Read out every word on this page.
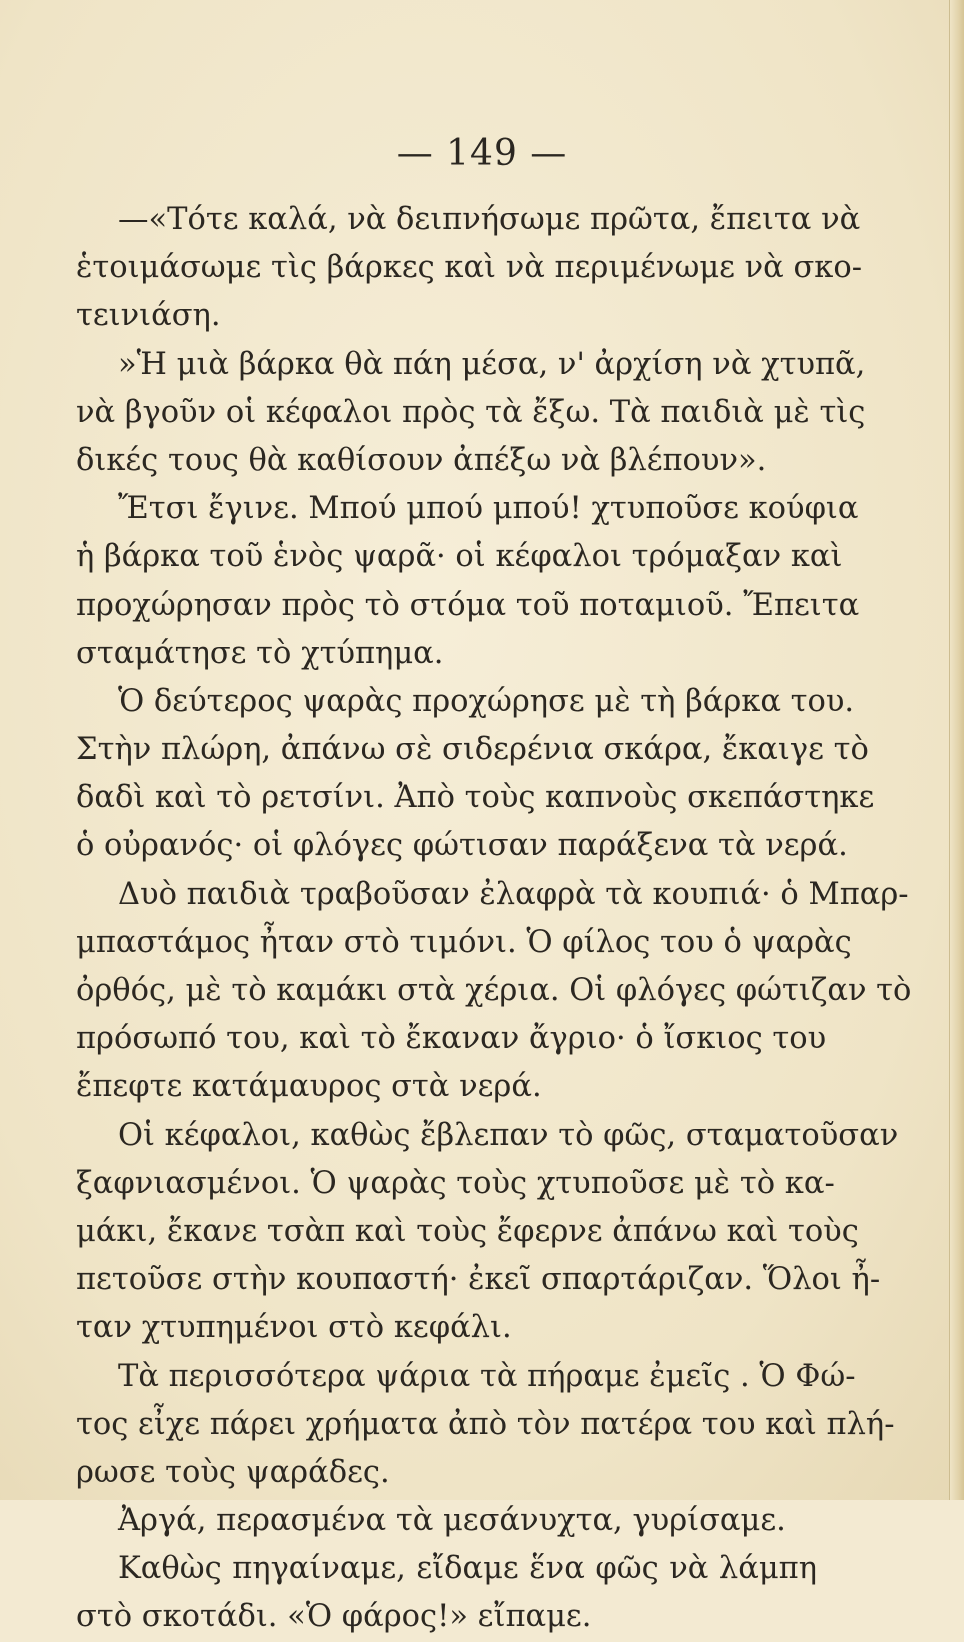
— 149 —
—«Τότε καλά, νὰ δειπνήσωμε πρῶτα, ἔπειτα νὰ
ἑτοιμάσωμε τὶς βάρκες καὶ νὰ περιμένωμε νὰ σκο-
τεινιάση.
»Ἡ μιὰ βάρκα θὰ πάη μέσα, ν' ἀρχίση νὰ χτυπᾶ,
νὰ βγοῦν οἱ κέφαλοι πρὸς τὰ ἔξω. Τὰ παιδιὰ μὲ τὶς
δικές τους θὰ καθίσουν ἀπέξω νὰ βλέπουν».
Ἔτσι ἔγινε. Μπού μπού μπού! χτυποῦσε κούφια
ἡ βάρκα τοῦ ἑνὸς ψαρᾶ· οἱ κέφαλοι τρόμαξαν καὶ
προχώρησαν πρὸς τὸ στόμα τοῦ ποταμιοῦ. Ἔπειτα
σταμάτησε τὸ χτύπημα.
Ὁ δεύτερος ψαρὰς προχώρησε μὲ τὴ βάρκα του.
Στὴν πλώρη, ἀπάνω σὲ σιδερένια σκάρα, ἔκαιγε τὸ
δαδὶ καὶ τὸ ρετσίνι. Ἀπὸ τοὺς καπνοὺς σκεπάστηκε
ὁ οὐρανός· οἱ φλόγες φώτισαν παράξενα τὰ νερά.
Δυὸ παιδιὰ τραβοῦσαν ἐλαφρὰ τὰ κουπιά· ὁ Μπαρ-
μπαστάμος ἦταν στὸ τιμόνι. Ὁ φίλος του ὁ ψαρὰς
ὀρθός, μὲ τὸ καμάκι στὰ χέρια. Οἱ φλόγες φώτιζαν τὸ
πρόσωπό του, καὶ τὸ ἔκαναν ἄγριο· ὁ ἴσκιος του
ἔπεφτε κατάμαυρος στὰ νερά.
Οἱ κέφαλοι, καθὼς ἔβλεπαν τὸ φῶς, σταματοῦσαν
ξαφνιασμένοι. Ὁ ψαρὰς τοὺς χτυποῦσε μὲ τὸ κα-
μάκι, ἔκανε τσὰπ καὶ τοὺς ἔφερνε ἀπάνω καὶ τοὺς
πετοῦσε στὴν κουπαστή· ἐκεῖ σπαρτάριζαν. Ὅλοι ἦ-
ταν χτυπημένοι στὸ κεφάλι.
Τὰ περισσότερα ψάρια τὰ πήραμε ἐμεῖς . Ὁ Φώ-
τος εἶχε πάρει χρήματα ἀπὸ τὸν πατέρα του καὶ πλή-
ρωσε τοὺς ψαράδες.
Ἀργά, περασμένα τὰ μεσάνυχτα, γυρίσαμε.
Καθὼς πηγαίναμε, εἴδαμε ἕνα φῶς νὰ λάμπη
στὸ σκοτάδι. «Ὁ φάρος!» εἴπαμε.
